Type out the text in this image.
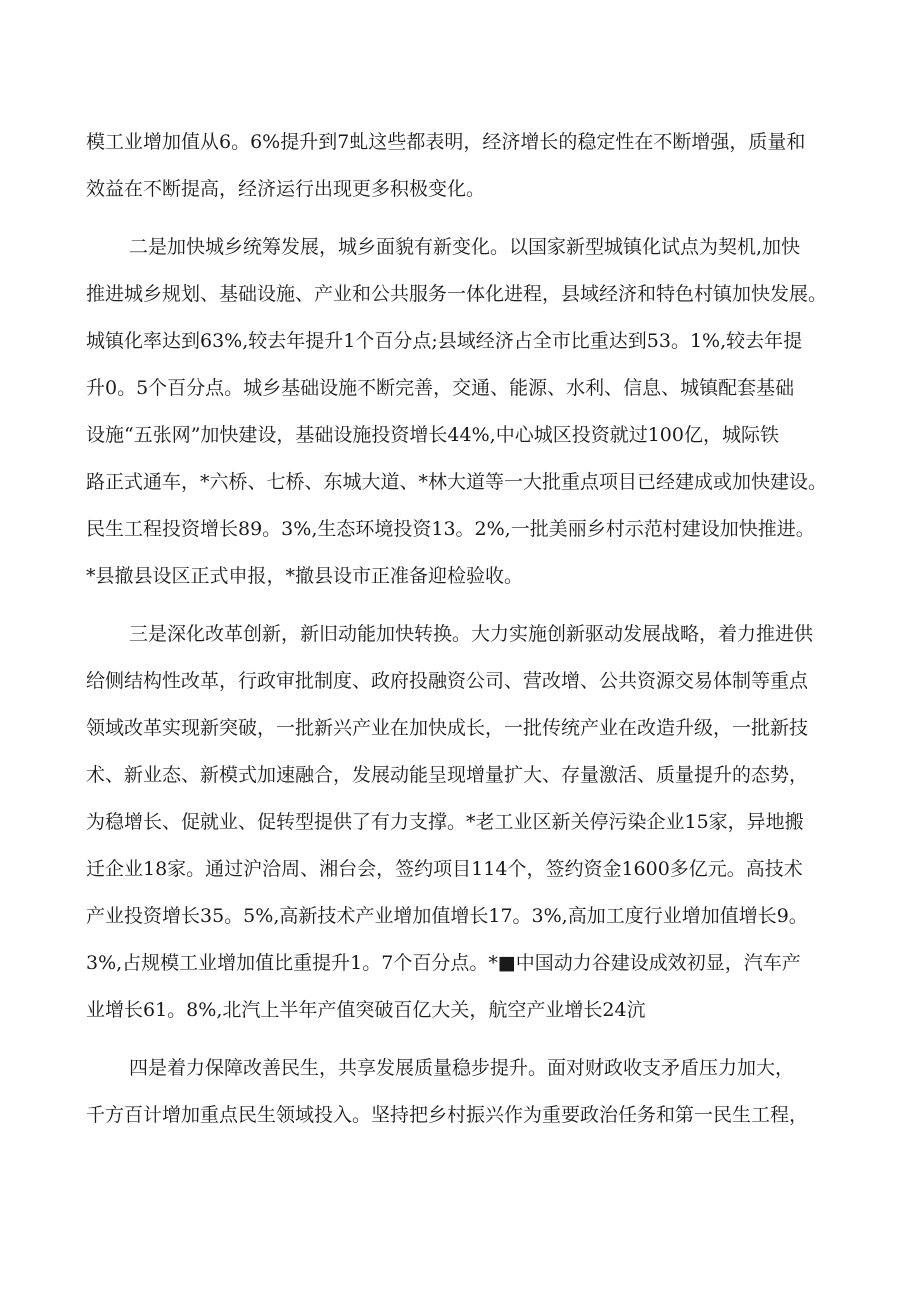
模工业增加值从6。6%提升到7虬这些都表明，经济增长的稳定性在不断增强，质量和
效益在不断提高，经济运行出现更多积极变化。
二是加快城乡统筹发展，城乡面貌有新变化。以国家新型城镇化试点为契机,加快
推进城乡规划、基础设施、产业和公共服务一体化进程，县域经济和特色村镇加快发展。
城镇化率达到63%,较去年提升1个百分点;县域经济占全市比重达到53。1%,较去年提
升0。5个百分点。城乡基础设施不断完善，交通、能源、水利、信息、城镇配套基础
设施“五张网”加快建设，基础设施投资增长44%,中心城区投资就过100亿，城际铁
路正式通车，*六桥、七桥、东城大道、*林大道等一大批重点项目已经建成或加快建设。
民生工程投资增长89。3%,生态环境投资13。2%,一批美丽乡村示范村建设加快推进。
*县撤县设区正式申报，*撤县设市正准备迎检验收。
三是深化改革创新，新旧动能加快转换。大力实施创新驱动发展战略，着力推进供
给侧结构性改革，行政审批制度、政府投融资公司、营改增、公共资源交易体制等重点
领域改革实现新突破，一批新兴产业在加快成长，一批传统产业在改造升级，一批新技
术、新业态、新模式加速融合，发展动能呈现增量扩大、存量激活、质量提升的态势，
为稳增长、促就业、促转型提供了有力支撑。*老工业区新关停污染企业15家，异地搬
迁企业18家。通过沪洽周、湘台会，签约项目114个，签约资金1600多亿元。高技术
产业投资增长35。5%,高新技术产业增加值增长17。3%,高加工度行业增加值增长9。
3%,占规模工业增加值比重提升1。7个百分点。*■中国动力谷建设成效初显，汽车产
业增长61。8%,北汽上半年产值突破百亿大关，航空产业增长24沆
四是着力保障改善民生，共享发展质量稳步提升。面对财政收支矛盾压力加大，
千方百计增加重点民生领域投入。坚持把乡村振兴作为重要政治任务和第一民生工程，
